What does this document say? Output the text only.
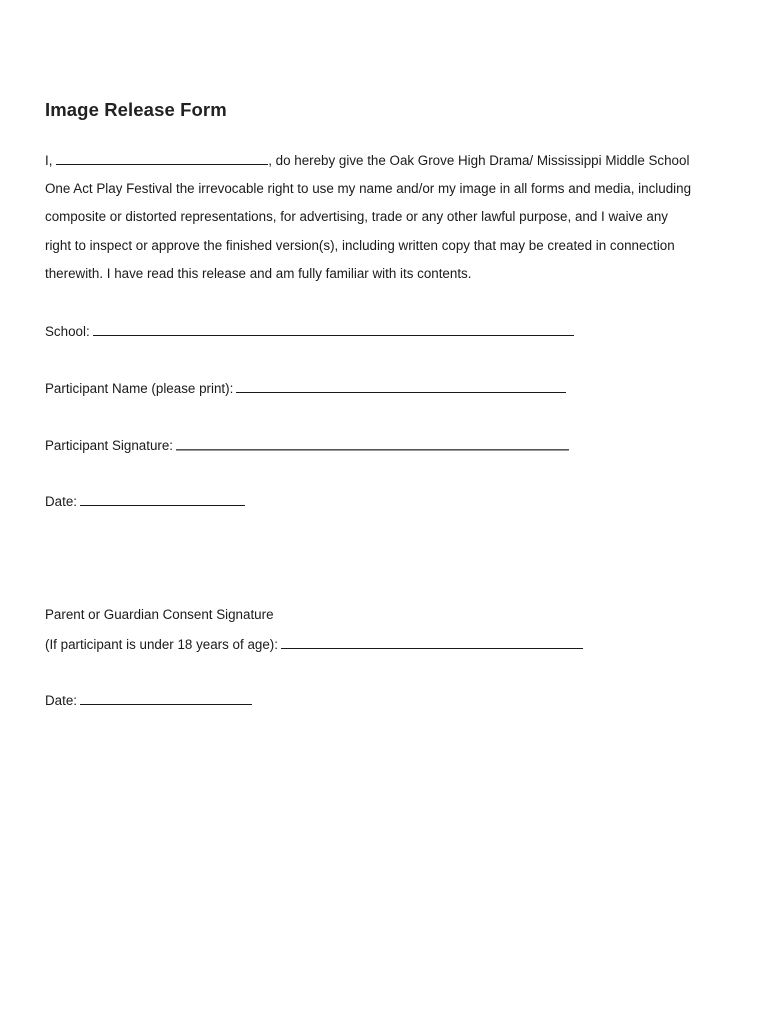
Image Release Form
I,	, do hereby give the Oak Grove High Drama/ Mississippi Middle School
One Act Play Festival the irrevocable right to use my name and/or my image in all forms and media, including
composite or distorted representations, for advertising, trade or any other lawful purpose, and I waive any
right to inspect or approve the finished version(s), including written copy that may be created in connection
therewith. I have read this release and am fully familiar with its contents.
School:
Participant Name (please print):
Participant Signature:
Date:
Parent or Guardian Consent Signature
(If participant is under 18 years of age):
Date:
